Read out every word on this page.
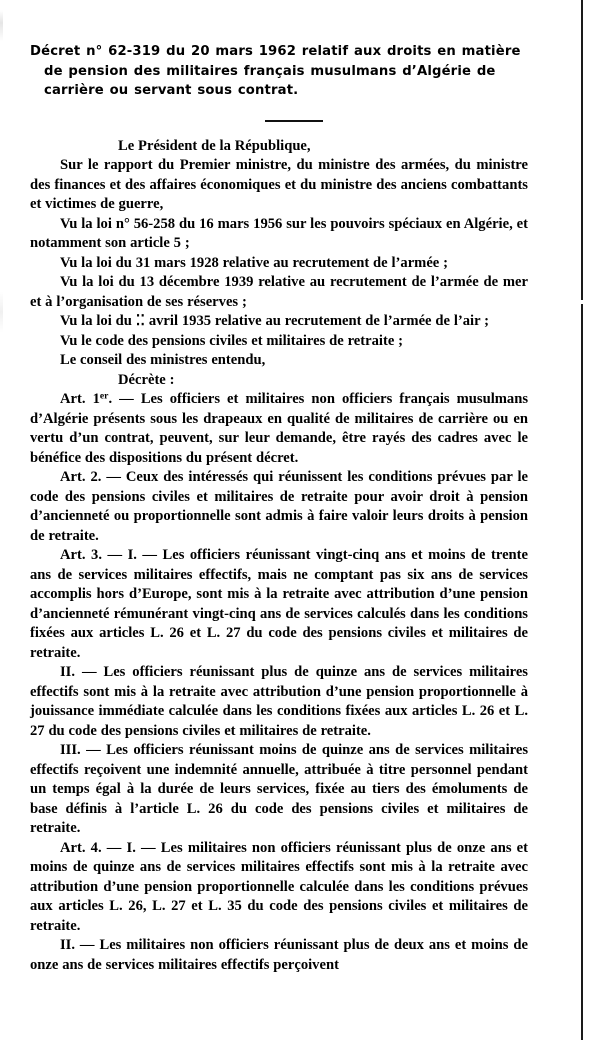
Décret n° 62-319 du 20 mars 1962 relatif aux droits en matière
de pension des militaires français musulmans d’Algérie de
carrière ou servant sous contrat.

Le Président de la République,

Sur le rapport du Premier ministre, du ministre des armées, du ministre des finances et des affaires économiques et du ministre des anciens combattants et victimes de guerre,

Vu la loi n° 56-258 du 16 mars 1956 sur les pouvoirs spéciaux en Algérie, et notamment son article 5 ;

Vu la loi du 31 mars 1928 relative au recrutement de l’armée ;

Vu la loi du 13 décembre 1939 relative au recrutement de l’armée de mer et à l’organisation de ses réserves ;

Vu la loi du ⁚⁚ avril 1935 relative au recrutement de l’armée de l’air ;

Vu le code des pensions civiles et militaires de retraite ;

Le conseil des ministres entendu,

Décrète :

Art. 1er. — Les officiers et militaires non officiers français musulmans d’Algérie présents sous les drapeaux en qualité de militaires de carrière ou en vertu d’un contrat, peuvent, sur leur demande, être rayés des cadres avec le bénéfice des dispositions du présent décret.

Art. 2. — Ceux des intéressés qui réunissent les conditions prévues par le code des pensions civiles et militaires de retraite pour avoir droit à pension d’ancienneté ou proportionnelle sont admis à faire valoir leurs droits à pension de retraite.

Art. 3. — I. — Les officiers réunissant vingt-cinq ans et moins de trente ans de services militaires effectifs, mais ne comptant pas six ans de services accomplis hors d’Europe, sont mis à la retraite avec attribution d’une pension d’ancienneté rémunérant vingt-cinq ans de services calculés dans les conditions fixées aux articles L. 26 et L. 27 du code des pensions civiles et militaires de retraite.

II. — Les officiers réunissant plus de quinze ans de services militaires effectifs sont mis à la retraite avec attribution d’une pension proportionnelle à jouissance immédiate calculée dans les conditions fixées aux articles L. 26 et L. 27 du code des pensions civiles et militaires de retraite.

III. — Les officiers réunissant moins de quinze ans de services militaires effectifs reçoivent une indemnité annuelle, attribuée à titre personnel pendant un temps égal à la durée de leurs services, fixée au tiers des émoluments de base définis à l’article L. 26 du code des pensions civiles et militaires de retraite.

Art. 4. — I. — Les militaires non officiers réunissant plus de onze ans et moins de quinze ans de services militaires effectifs sont mis à la retraite avec attribution d’une pension proportionnelle calculée dans les conditions prévues aux articles L. 26, L. 27 et L. 35 du code des pensions civiles et militaires de retraite.

II. — Les militaires non officiers réunissant plus de deux ans et moins de onze ans de services militaires effectifs perçoivent
